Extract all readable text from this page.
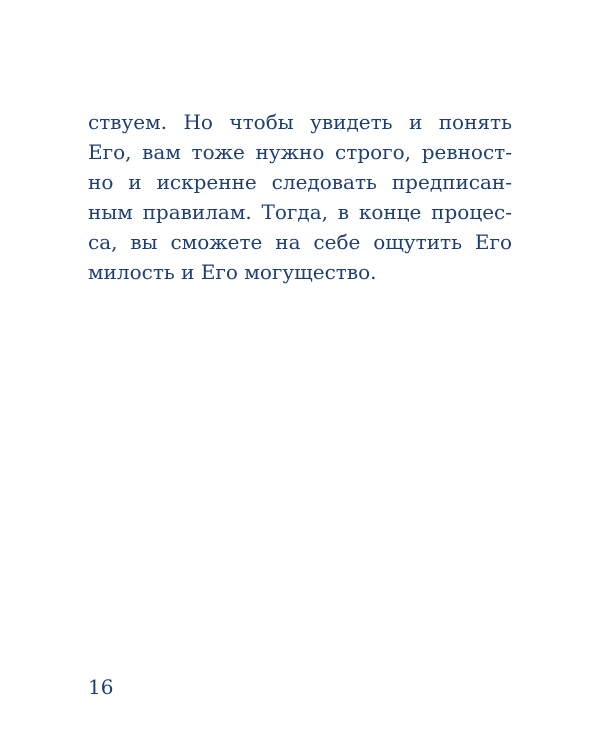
ствуем. Но чтобы увидеть и понять
Его, вам тоже нужно строго, ревност-
но и искренне следовать предписан-
ным правилам. Тогда, в конце процес-
са, вы сможете на себе ощутить Его
милость и Его могущество.
16
